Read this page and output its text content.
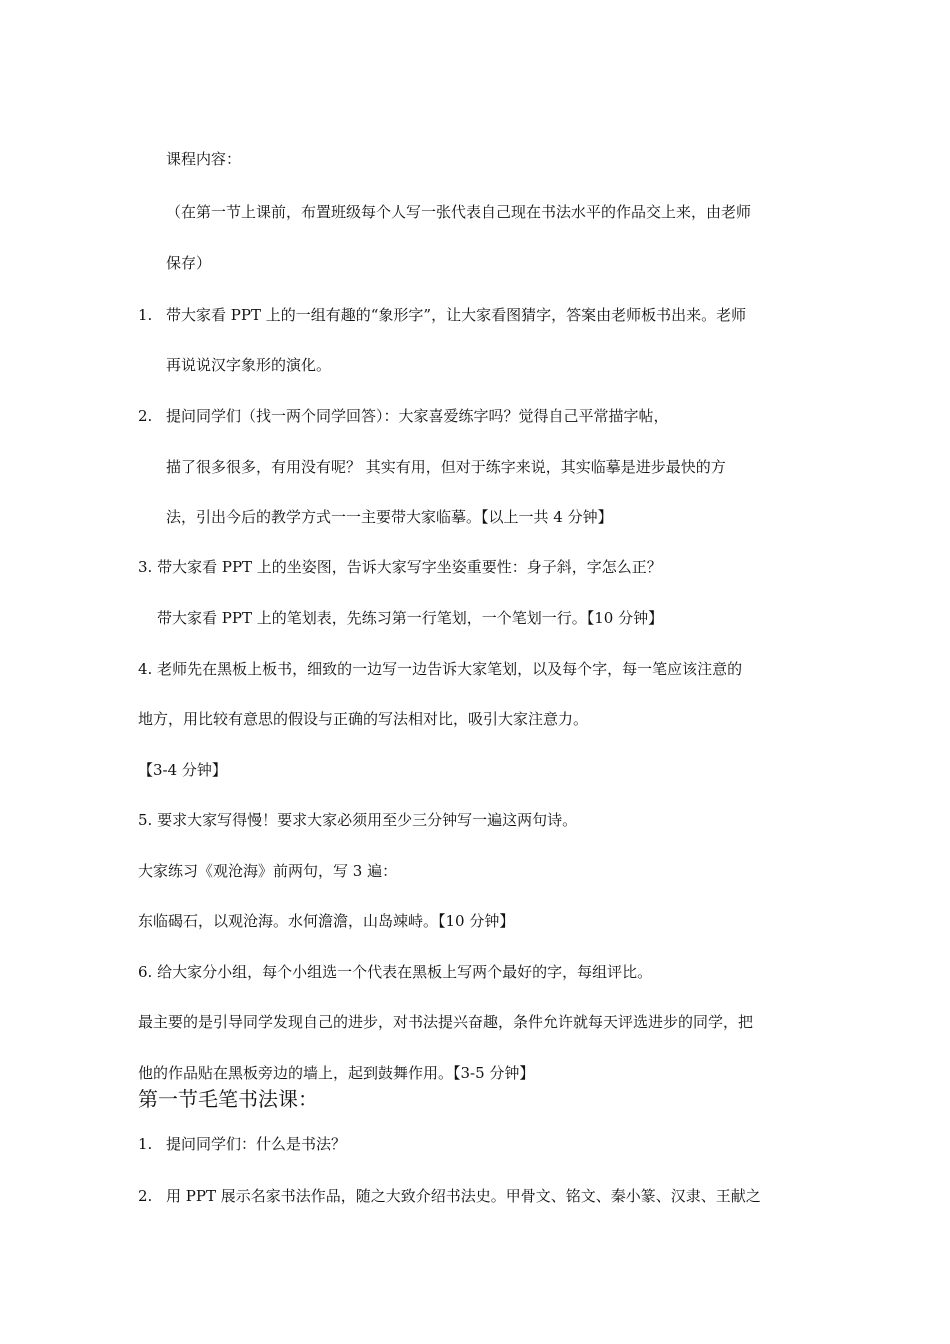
课程内容：
（在第一节上课前，布置班级每个人写一张代表自己现在书法水平的作品交上来，由老师
保存）
1. 带大家看 PPT 上的一组有趣的“象形字”，让大家看图猜字，答案由老师板书出来。老师
再说说汉字象形的演化。
2. 提问同学们（找一两个同学回答）：大家喜爱练字吗？觉得自己平常描字帖，
描了很多很多，有用没有呢？ 其实有用，但对于练字来说，其实临摹是进步最快的方
法，引出今后的教学方式一一主要带大家临摹。【以上一共 4 分钟】
3. 带大家看 PPT 上的坐姿图，告诉大家写字坐姿重要性：身子斜，字怎么正？
带大家看 PPT 上的笔划表，先练习第一行笔划，一个笔划一行。【10 分钟】
4. 老师先在黑板上板书，细致的一边写一边告诉大家笔划，以及每个字，每一笔应该注意的
地方，用比较有意思的假设与正确的写法相对比，吸引大家注意力。
【3-4 分钟】
5. 要求大家写得慢！要求大家必须用至少三分钟写一遍这两句诗。
大家练习《观沧海》前两句，写 3 遍：
东临碣石，以观沧海。水何澹澹，山岛竦峙。【10 分钟】
6. 给大家分小组，每个小组选一个代表在黑板上写两个最好的字，每组评比。
最主要的是引导同学发现自己的进步，对书法提兴奋趣，条件允许就每天评选进步的同学，把
他的作品贴在黑板旁边的墙上，起到鼓舞作用。【3-5 分钟】
第一节毛笔书法课：
1. 提问同学们：什么是书法？
2. 用 PPT 展示名家书法作品，随之大致介绍书法史。甲骨文、铭文、秦小篆、汉隶、王献之
